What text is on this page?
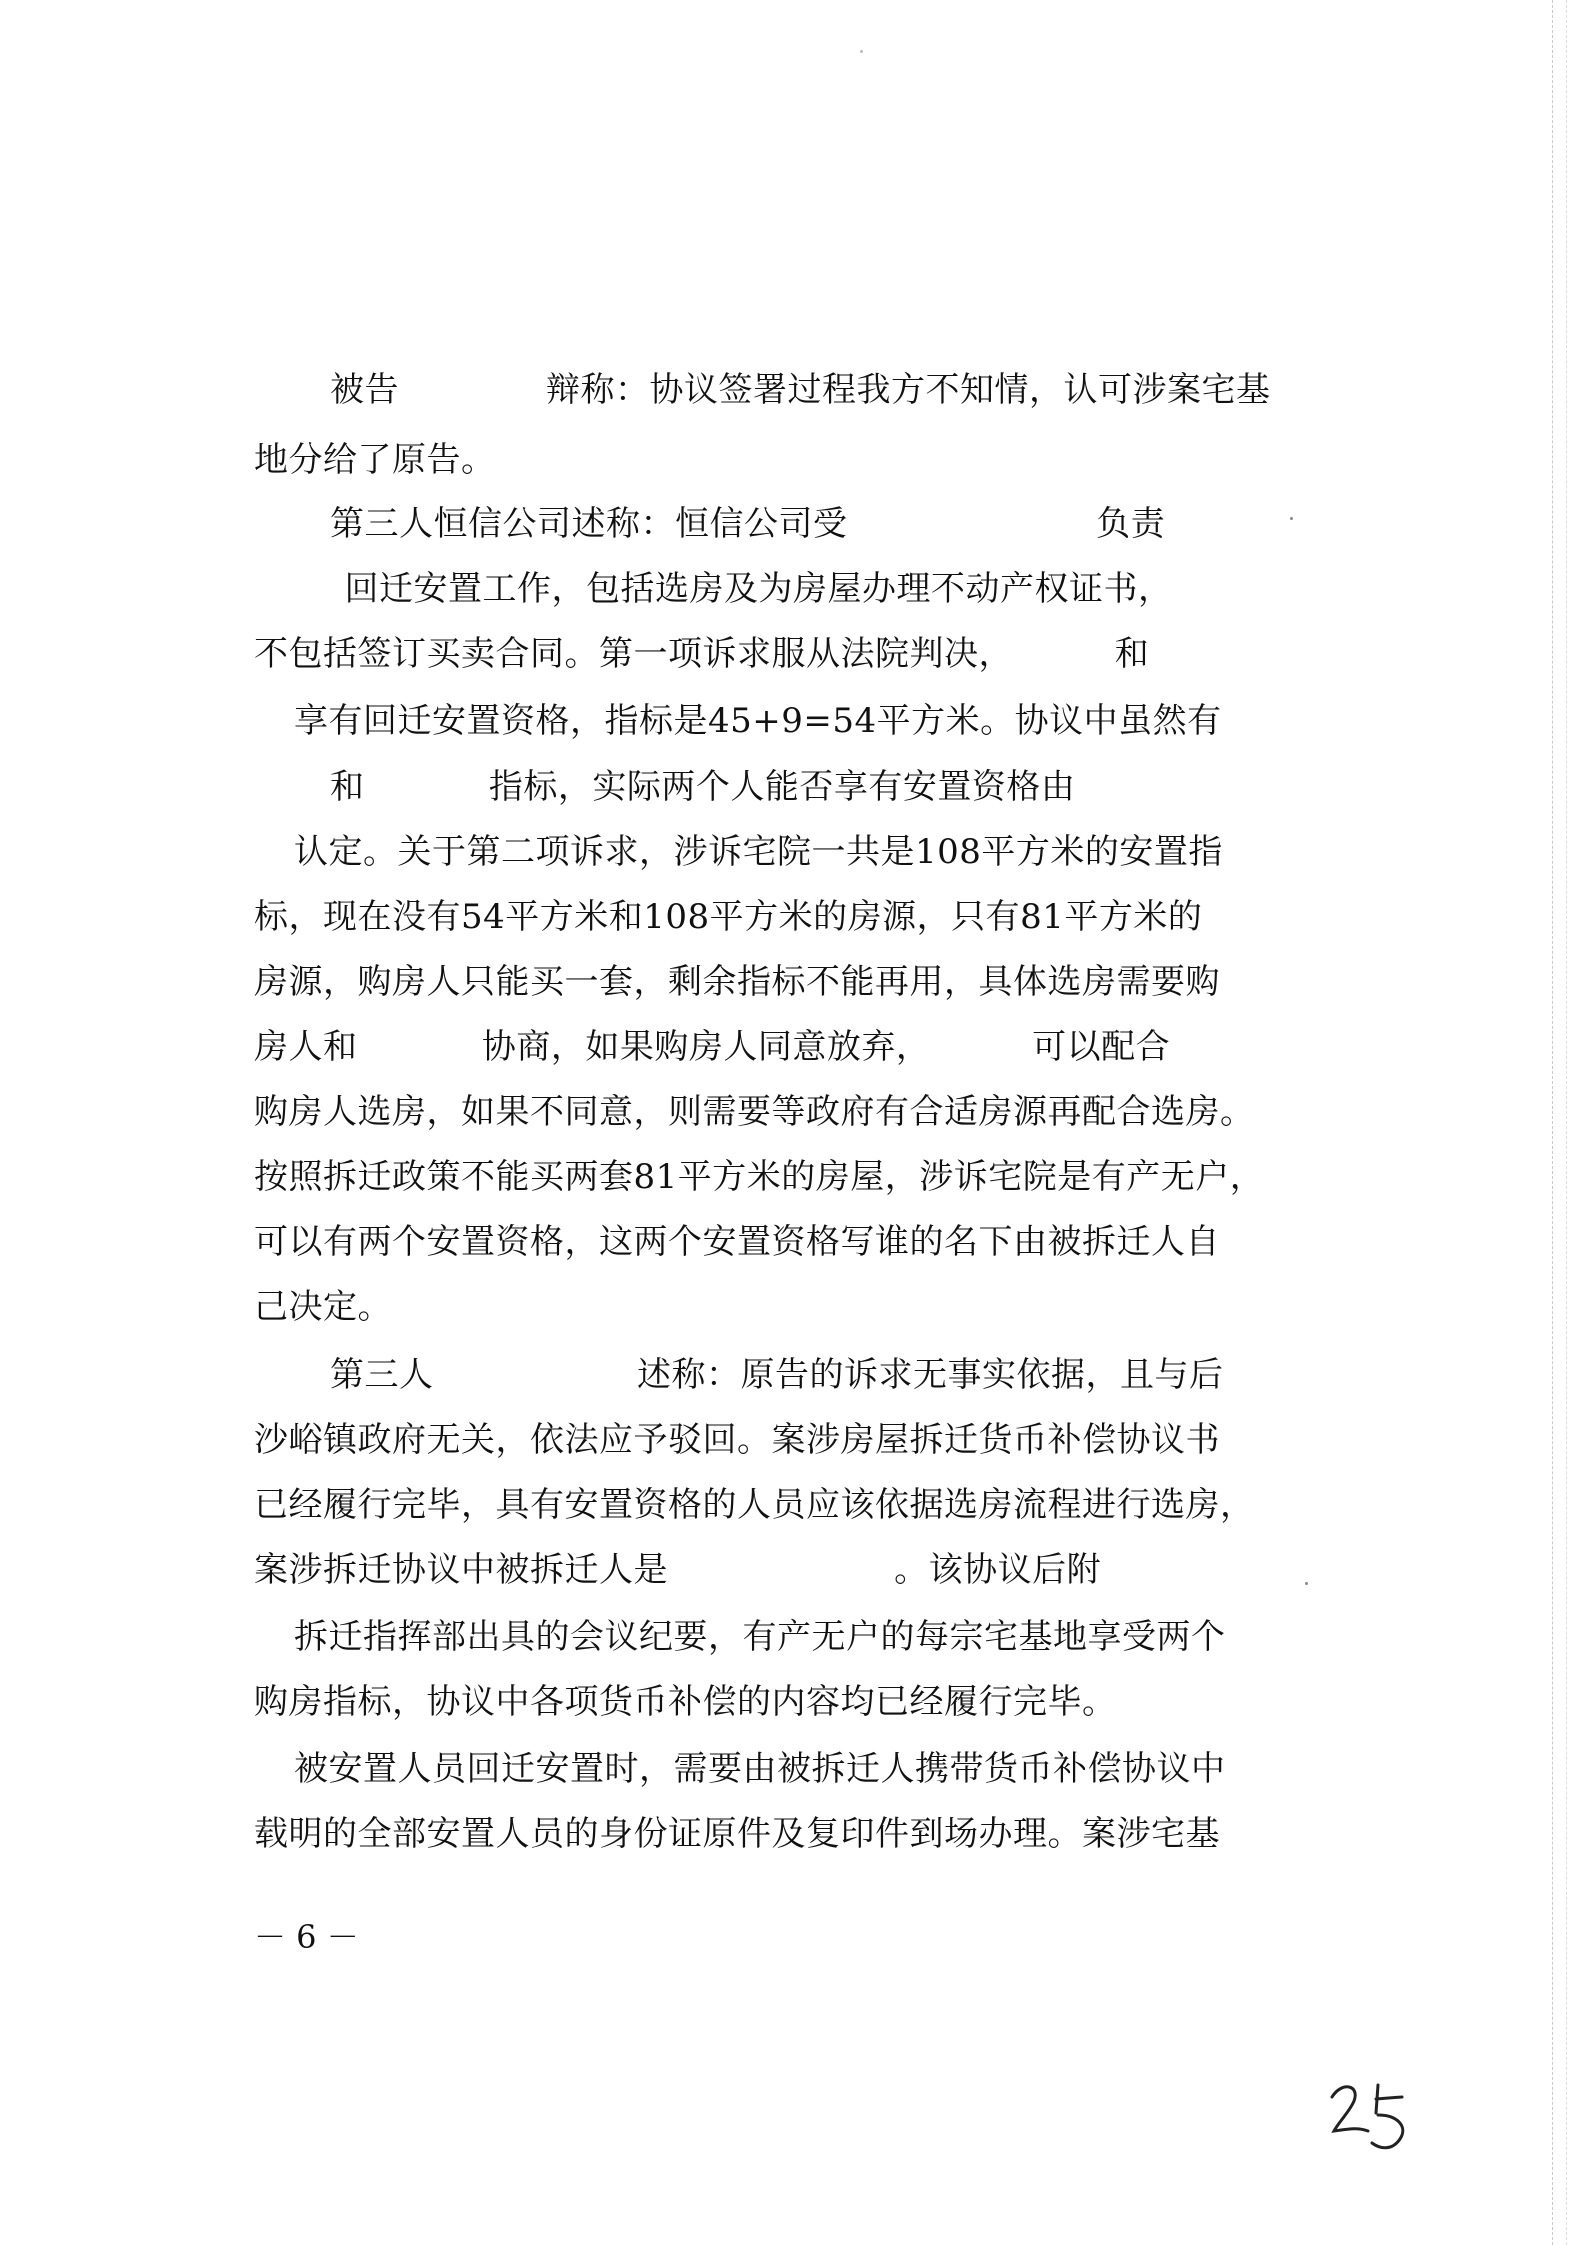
被告             辩称：协议签署过程我方不知情，认可涉案宅基
地分给了原告。
第三人恒信公司述称：恒信公司受                      负责
回迁安置工作，包括选房及为房屋办理不动产权证书，
不包括签订买卖合同。第一项诉求服从法院判决，         和
享有回迁安置资格，指标是45+9=54平方米。协议中虽然有
和           指标，实际两个人能否享有安置资格由
认定。关于第二项诉求，涉诉宅院一共是108平方米的安置指
标，现在没有54平方米和108平方米的房源，只有81平方米的
房源，购房人只能买一套，剩余指标不能再用，具体选房需要购
房人和           协商，如果购房人同意放弃，         可以配合
购房人选房，如果不同意，则需要等政府有合适房源再配合选房。
按照拆迁政策不能买两套81平方米的房屋，涉诉宅院是有产无户，
可以有两个安置资格，这两个安置资格写谁的名下由被拆迁人自
己决定。
第三人                  述称：原告的诉求无事实依据，且与后
沙峪镇政府无关，依法应予驳回。案涉房屋拆迁货币补偿协议书
已经履行完毕，具有安置资格的人员应该依据选房流程进行选房，
案涉拆迁协议中被拆迁人是                    。该协议后附
拆迁指挥部出具的会议纪要，有产无户的每宗宅基地享受两个
购房指标，协议中各项货币补偿的内容均已经履行完毕。
被安置人员回迁安置时，需要由被拆迁人携带货币补偿协议中
载明的全部安置人员的身份证原件及复印件到场办理。案涉宅基
－ 6 －
